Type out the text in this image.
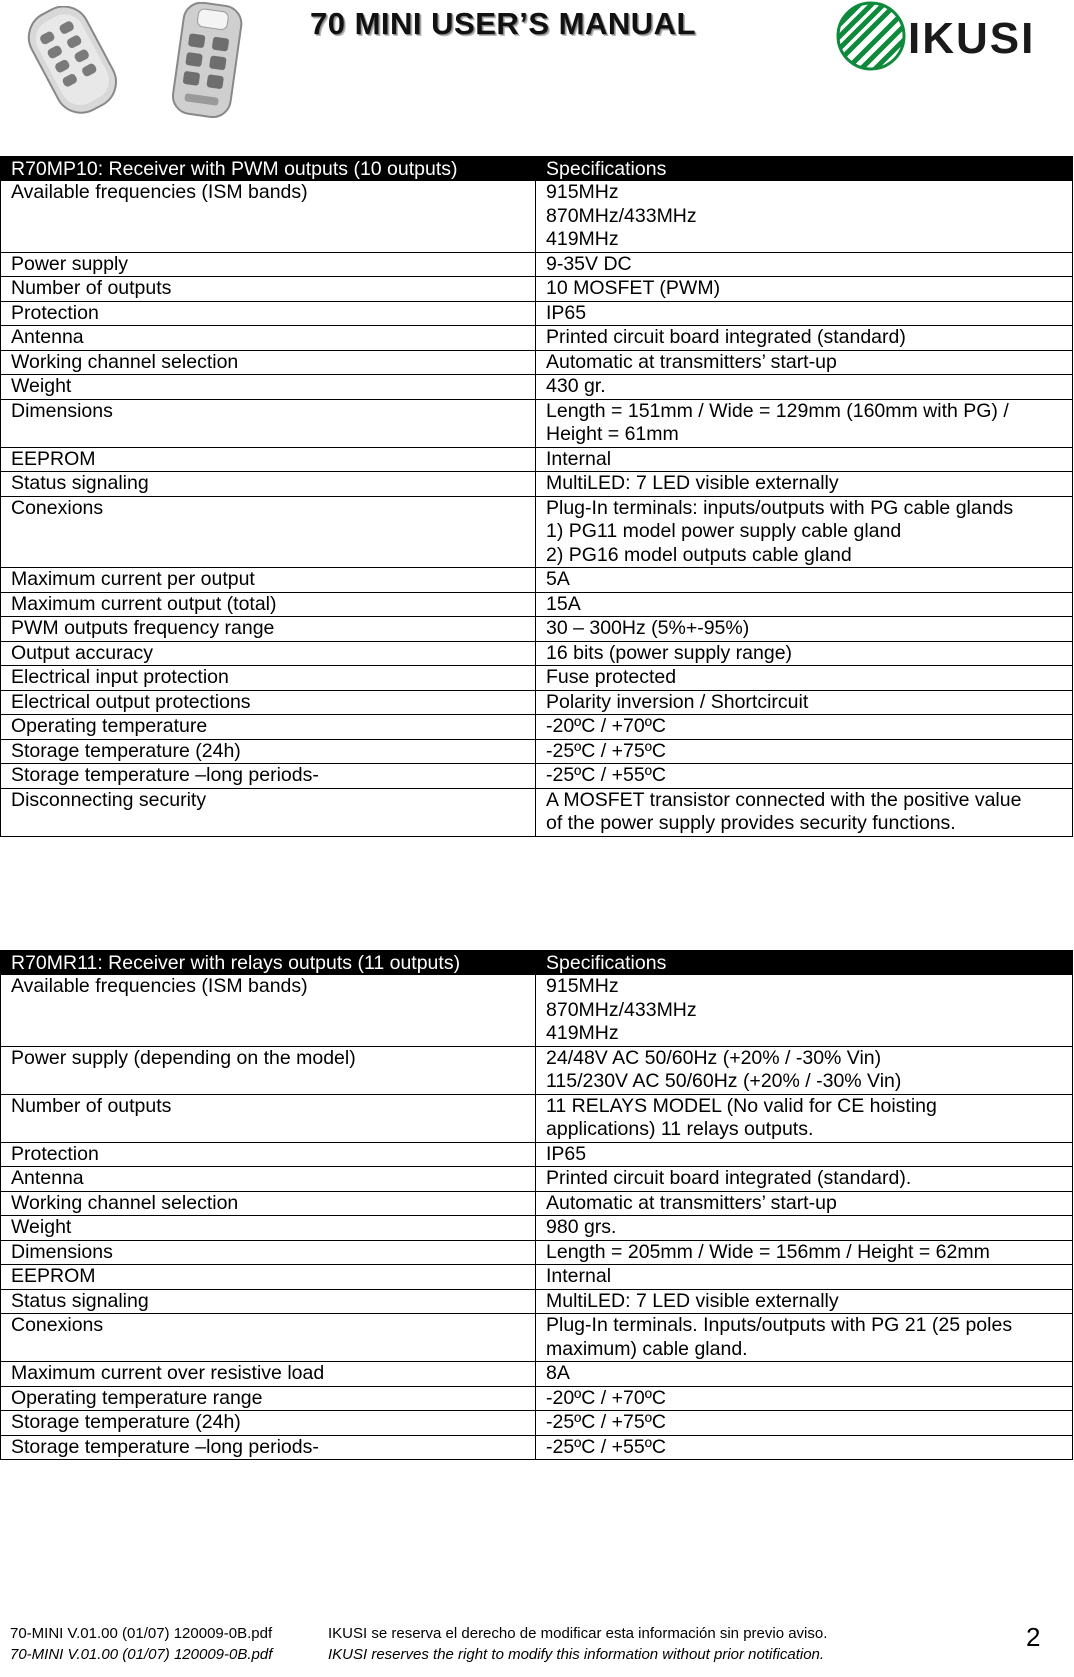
70 MINI USER’S MANUAL	IKUSI
R70MP10: Receiver with PWM outputs (10 outputs)	Specifications
Available frequencies (ISM bands)	915MHz
870MHz/433MHz
419MHz

Power supply	9-35V DC

Number of outputs	10 MOSFET (PWM)

Protection	IP65

Antenna	Printed circuit board integrated (standard)

Working channel selection	Automatic at transmitters’ start-up

Weight	430 gr.

Dimensions	Length = 151mm / Wide = 129mm (160mm with PG) /
Height = 61mm

EEPROM	Internal

Status signaling	MultiLED: 7 LED visible externally

Conexions	Plug-In terminals: inputs/outputs with PG cable glands
1) PG11 model power supply cable gland
2) PG16 model outputs cable gland

Maximum current per output	5A

Maximum current output (total)	15A

PWM outputs frequency range	30 – 300Hz (5%+-95%)

Output accuracy	16 bits (power supply range)

Electrical input protection	Fuse protected

Electrical output protections	Polarity inversion / Shortcircuit

Operating temperature	-20ºC / +70ºC

Storage temperature (24h)	-25ºC / +75ºC

Storage temperature –long periods-	-25ºC / +55ºC

Disconnecting security	A MOSFET transistor connected with the positive value
of the power supply provides security functions.
R70MR11: Receiver with relays outputs (11 outputs)	Specifications
Available frequencies (ISM bands)	915MHz
870MHz/433MHz
419MHz

Power supply (depending on the model)	24/48V AC 50/60Hz (+20% / -30% Vin)
115/230V AC 50/60Hz (+20% / -30% Vin)

Number of outputs	11 RELAYS MODEL (No valid for CE hoisting
applications) 11 relays outputs.

Protection	IP65

Antenna	Printed circuit board integrated (standard).

Working channel selection	Automatic at transmitters’ start-up

Weight	980 grs.

Dimensions	Length = 205mm / Wide = 156mm / Height = 62mm

EEPROM	Internal

Status signaling	MultiLED: 7 LED visible externally

Conexions	Plug-In terminals. Inputs/outputs with PG 21 (25 poles
maximum) cable gland.

Maximum current over resistive load	8A

Operating temperature range	-20ºC / +70ºC

Storage temperature (24h)	-25ºC / +75ºC

Storage temperature –long periods-	-25ºC / +55ºC
70-MINI V.01.00 (01/07) 120009-0B.pdf	IKUSI se reserva el derecho de modificar esta información sin previo aviso.
70-MINI V.01.00 (01/07) 120009-0B.pdf	IKUSI reserves the right to modify this information without prior notification.
2
